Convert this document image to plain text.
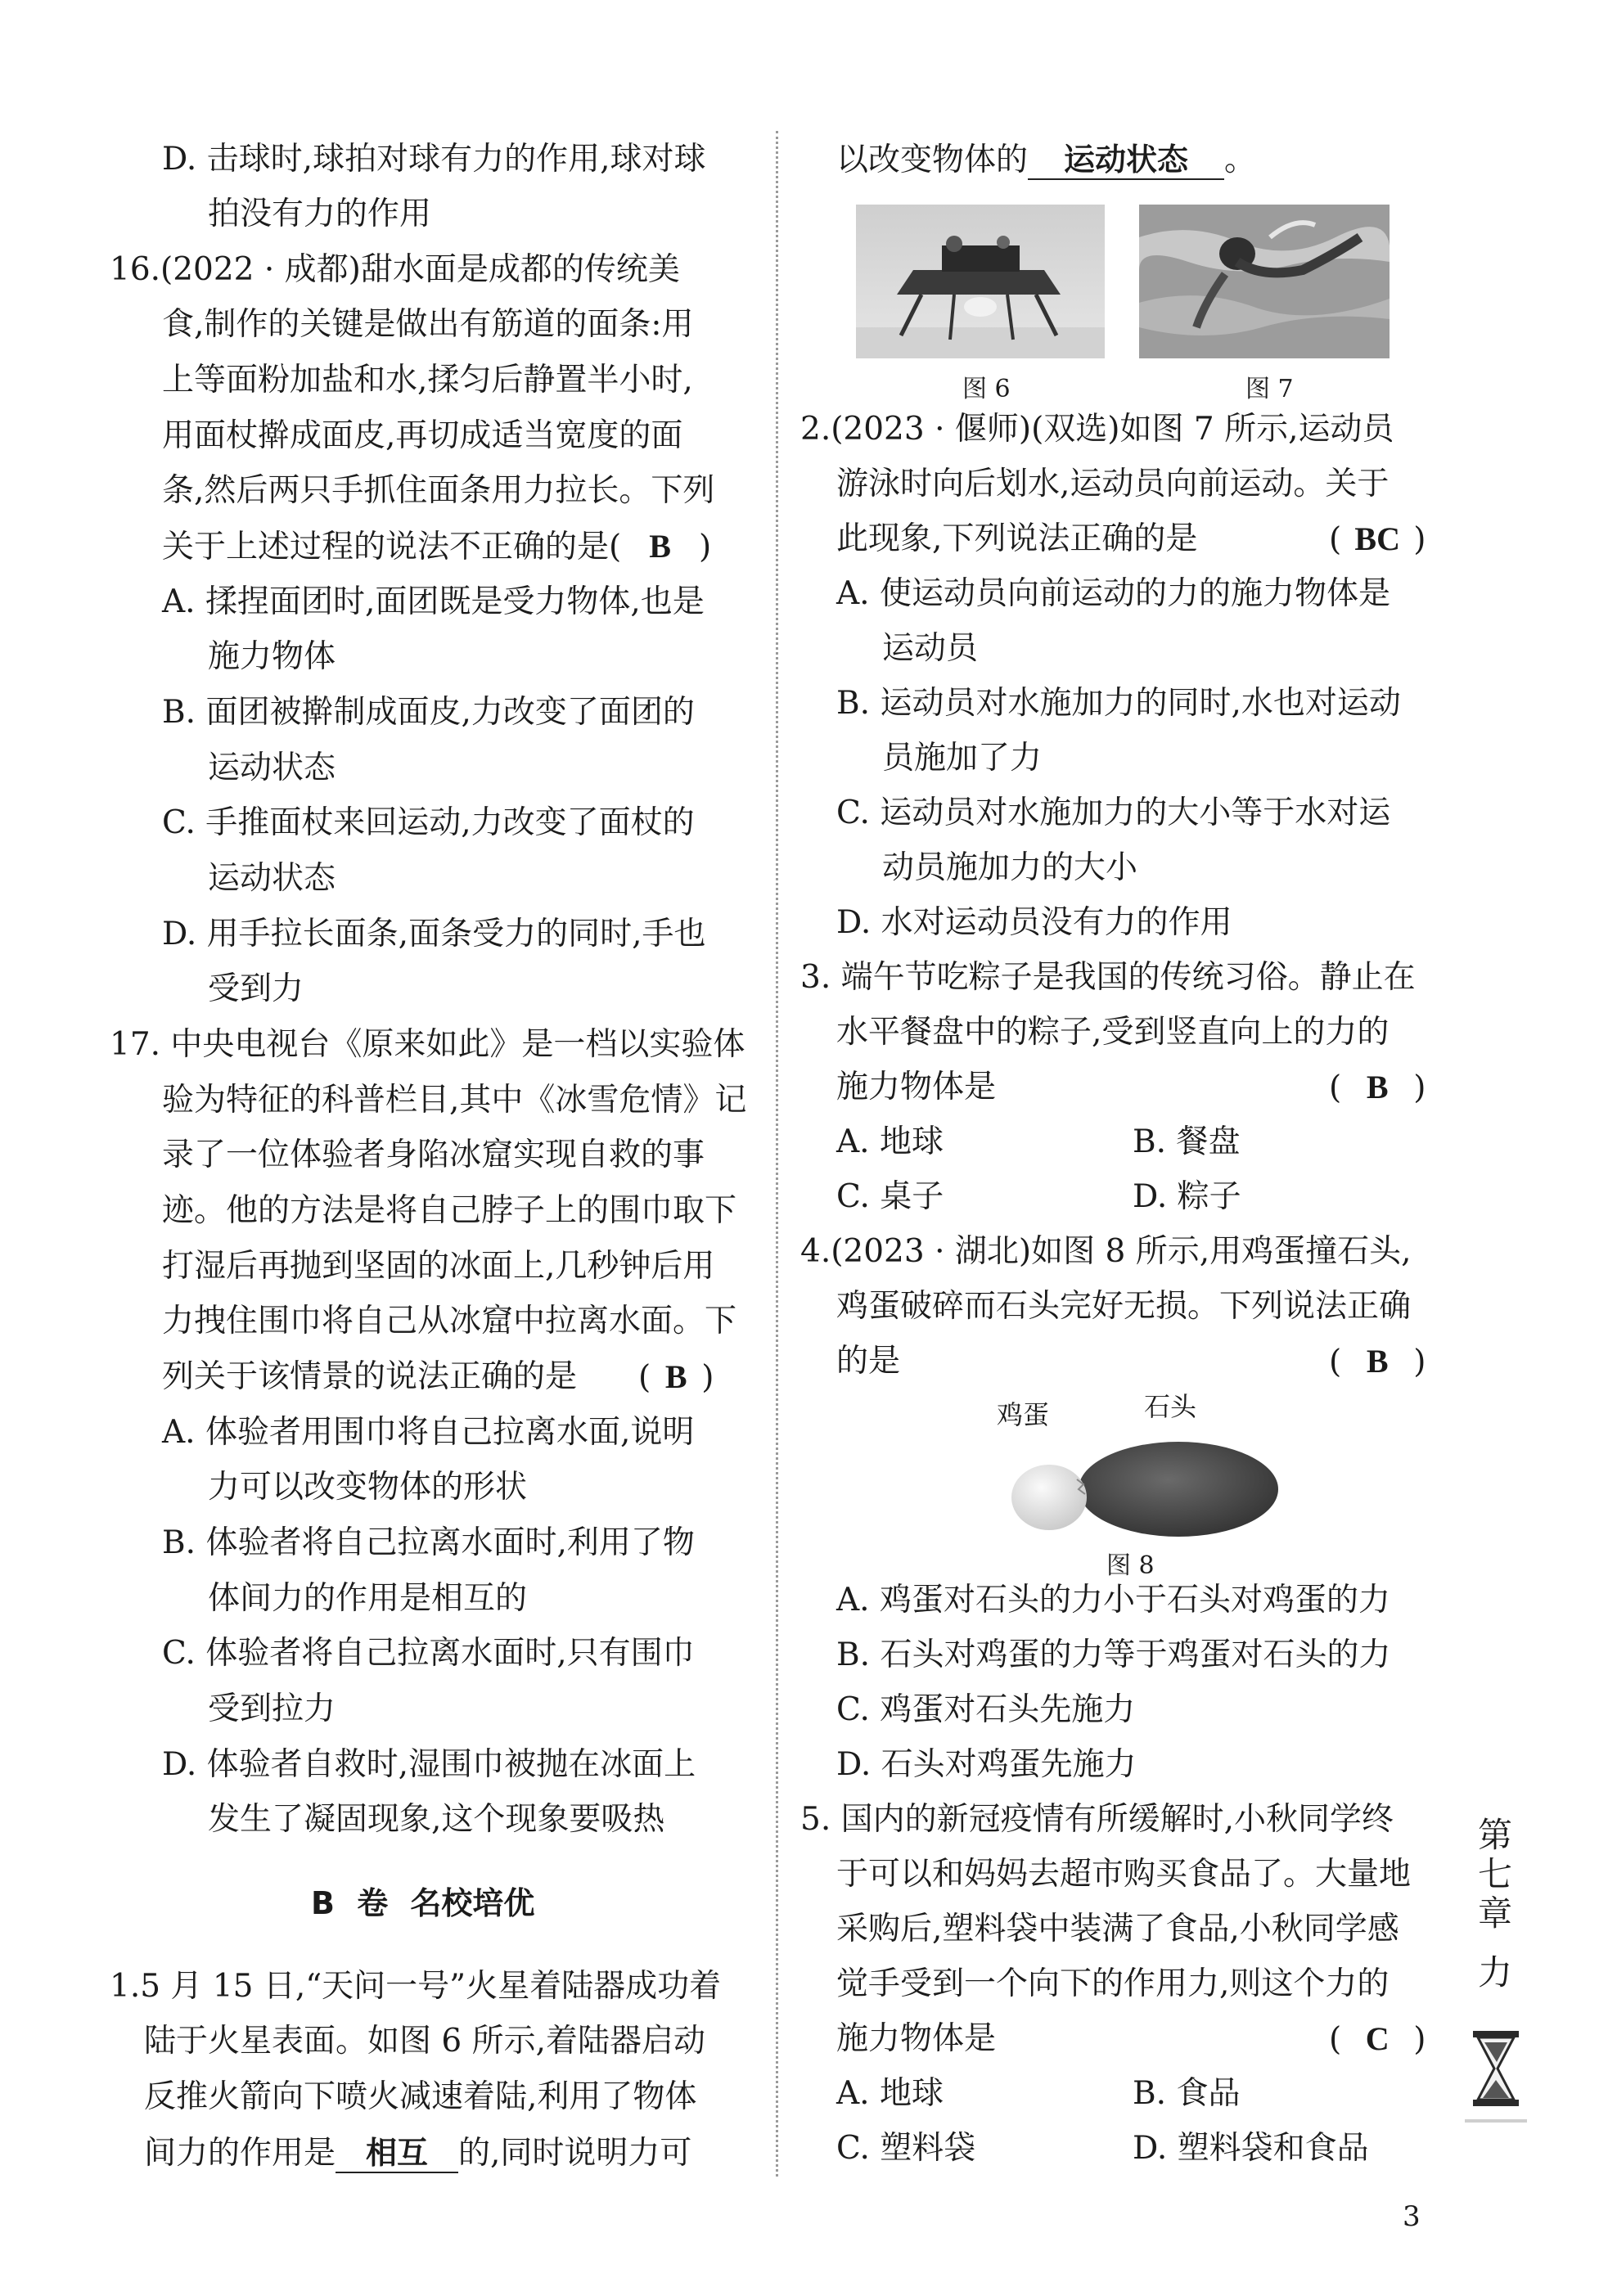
D. 击球时,球拍对球有力的作用,球对球
拍没有力的作用
16.(2022 · 成都)甜水面是成都的传统美
食,制作的关键是做出有筋道的面条:用
上等面粉加盐和水,揉匀后静置半小时,
用面杖擀成面皮,再切成适当宽度的面
条,然后两只手抓住面条用力拉长。下列
关于上述过程的说法不正确的是( B )
A. 揉捏面团时,面团既是受力物体,也是
施力物体
B. 面团被擀制成面皮,力改变了面团的
运动状态
C. 手推面杖来回运动,力改变了面杖的
运动状态
D. 用手拉长面条,面条受力的同时,手也
受到力
17. 中央电视台《原来如此》是一档以实验体
验为特征的科普栏目,其中《冰雪危情》记
录了一位体验者身陷冰窟实现自救的事
迹。他的方法是将自己脖子上的围巾取下
打湿后再抛到坚固的冰面上,几秒钟后用
力拽住围巾将自己从冰窟中拉离水面。下
列关于该情景的说法正确的是 ( B )
A. 体验者用围巾将自己拉离水面,说明
力可以改变物体的形状
B. 体验者将自己拉离水面时,利用了物
体间力的作用是相互的
C. 体验者将自己拉离水面时,只有围巾
受到拉力
D. 体验者自救时,湿围巾被抛在冰面上
发生了凝固现象,这个现象要吸热
B 卷 名校培优
1.5 月 15 日,“天问一号”火星着陆器成功着
陆于火星表面。如图 6 所示,着陆器启动
反推火箭向下喷火减速着陆,利用了物体
间力的作用是 相互 的,同时说明力可
以改变物体的 运动状态 。
图 6	图 7
2.(2023 · 偃师)(双选)如图 7 所示,运动员
游泳时向后划水,运动员向前运动。关于
此现象,下列说法正确的是	( BC )
A. 使运动员向前运动的力的施力物体是
运动员
B. 运动员对水施加力的同时,水也对运动
员施加了力
C. 运动员对水施加力的大小等于水对运
动员施加力的大小
D. 水对运动员没有力的作用
3. 端午节吃粽子是我国的传统习俗。静止在
水平餐盘中的粽子,受到竖直向上的力的
施力物体是	( B )
A. 地球	B. 餐盘
C. 桌子	D. 粽子
4.(2023 · 湖北)如图 8 所示,用鸡蛋撞石头,
鸡蛋破碎而石头完好无损。下列说法正确
的是	( B )
鸡蛋	石头
图 8
A. 鸡蛋对石头的力小于石头对鸡蛋的力
B. 石头对鸡蛋的力等于鸡蛋对石头的力
C. 鸡蛋对石头先施力
D. 石头对鸡蛋先施力
5. 国内的新冠疫情有所缓解时,小秋同学终
于可以和妈妈去超市购买食品了。大量地
采购后,塑料袋中装满了食品,小秋同学感
觉手受到一个向下的作用力,则这个力的
施力物体是	( C )
A. 地球	B. 食品
C. 塑料袋	D. 塑料袋和食品
第
七
章
力
3
